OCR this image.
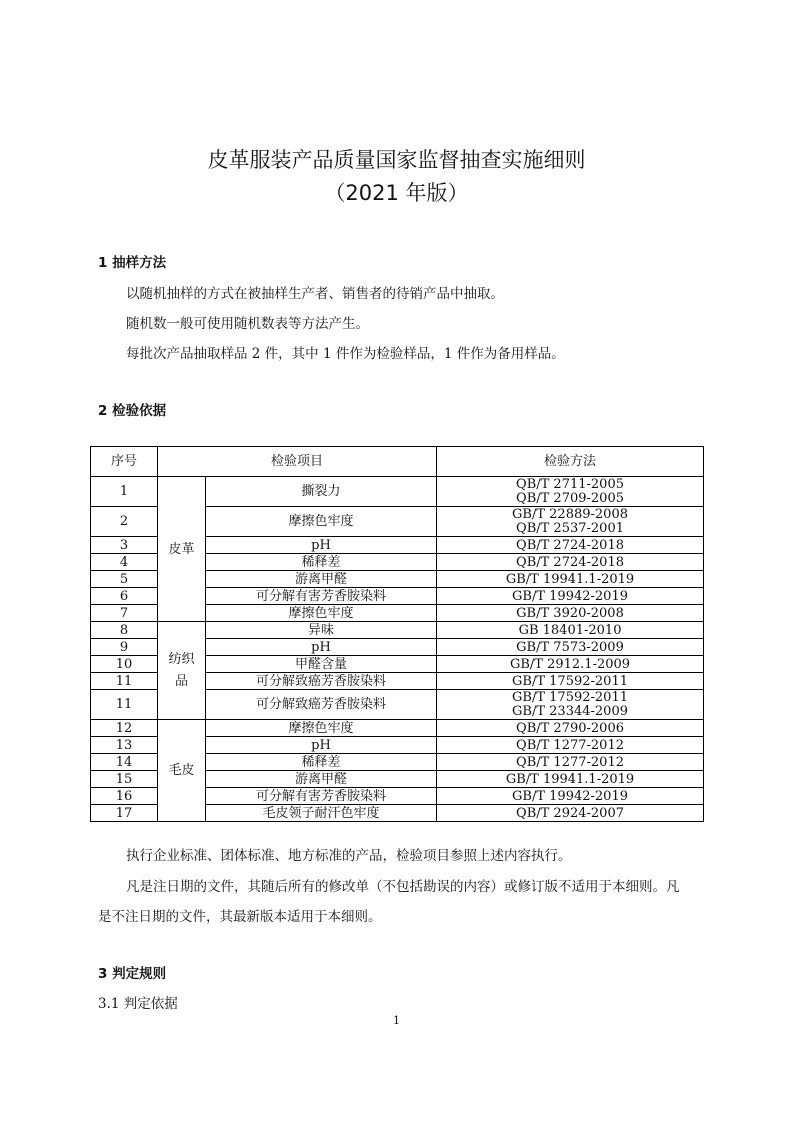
皮革服装产品质量国家监督抽查实施细则
（2021 年版）
1 抽样方法
以随机抽样的方式在被抽样生产者、销售者的待销产品中抽取。
随机数一般可使用随机数表等方法产生。
每批次产品抽取样品 2 件，其中 1 件作为检验样品，1 件作为备用样品。
2 检验依据
序号	检验项目		检验方法
1	皮革	撕裂力	QB/T 2711-2005
QB/T 2709-2005

2		摩擦色牢度	GB/T 22889-2008
QB/T 2537-2001

3		pH	QB/T 2724-2018
4		稀释差	QB/T 2724-2018
5		游离甲醛	GB/T 19941.1-2019
6		可分解有害芳香胺染料	GB/T 19942-2019
7		摩擦色牢度	GB/T 3920-2008
8	纺织品	异味	GB 18401-2010
9		pH	GB/T 7573-2009
10		甲醛含量	GB/T 2912.1-2009
11		可分解致癌芳香胺染料	GB/T 17592-2011
11		可分解致癌芳香胺染料	GB/T 17592-2011
GB/T 23344-2009

12	毛皮	摩擦色牢度	QB/T 2790-2006
13		pH	QB/T 1277-2012
14		稀释差	QB/T 1277-2012
15		游离甲醛	GB/T 19941.1-2019
16		可分解有害芳香胺染料	GB/T 19942-2019
17		毛皮领子耐汗色牢度	QB/T 2924-2007
执行企业标准、团体标准、地方标准的产品，检验项目参照上述内容执行。
凡是注日期的文件，其随后所有的修改单（不包括勘误的内容）或修订版不适用于本细则。凡
是不注日期的文件，其最新版本适用于本细则。
3 判定规则
3.1 判定依据
1
